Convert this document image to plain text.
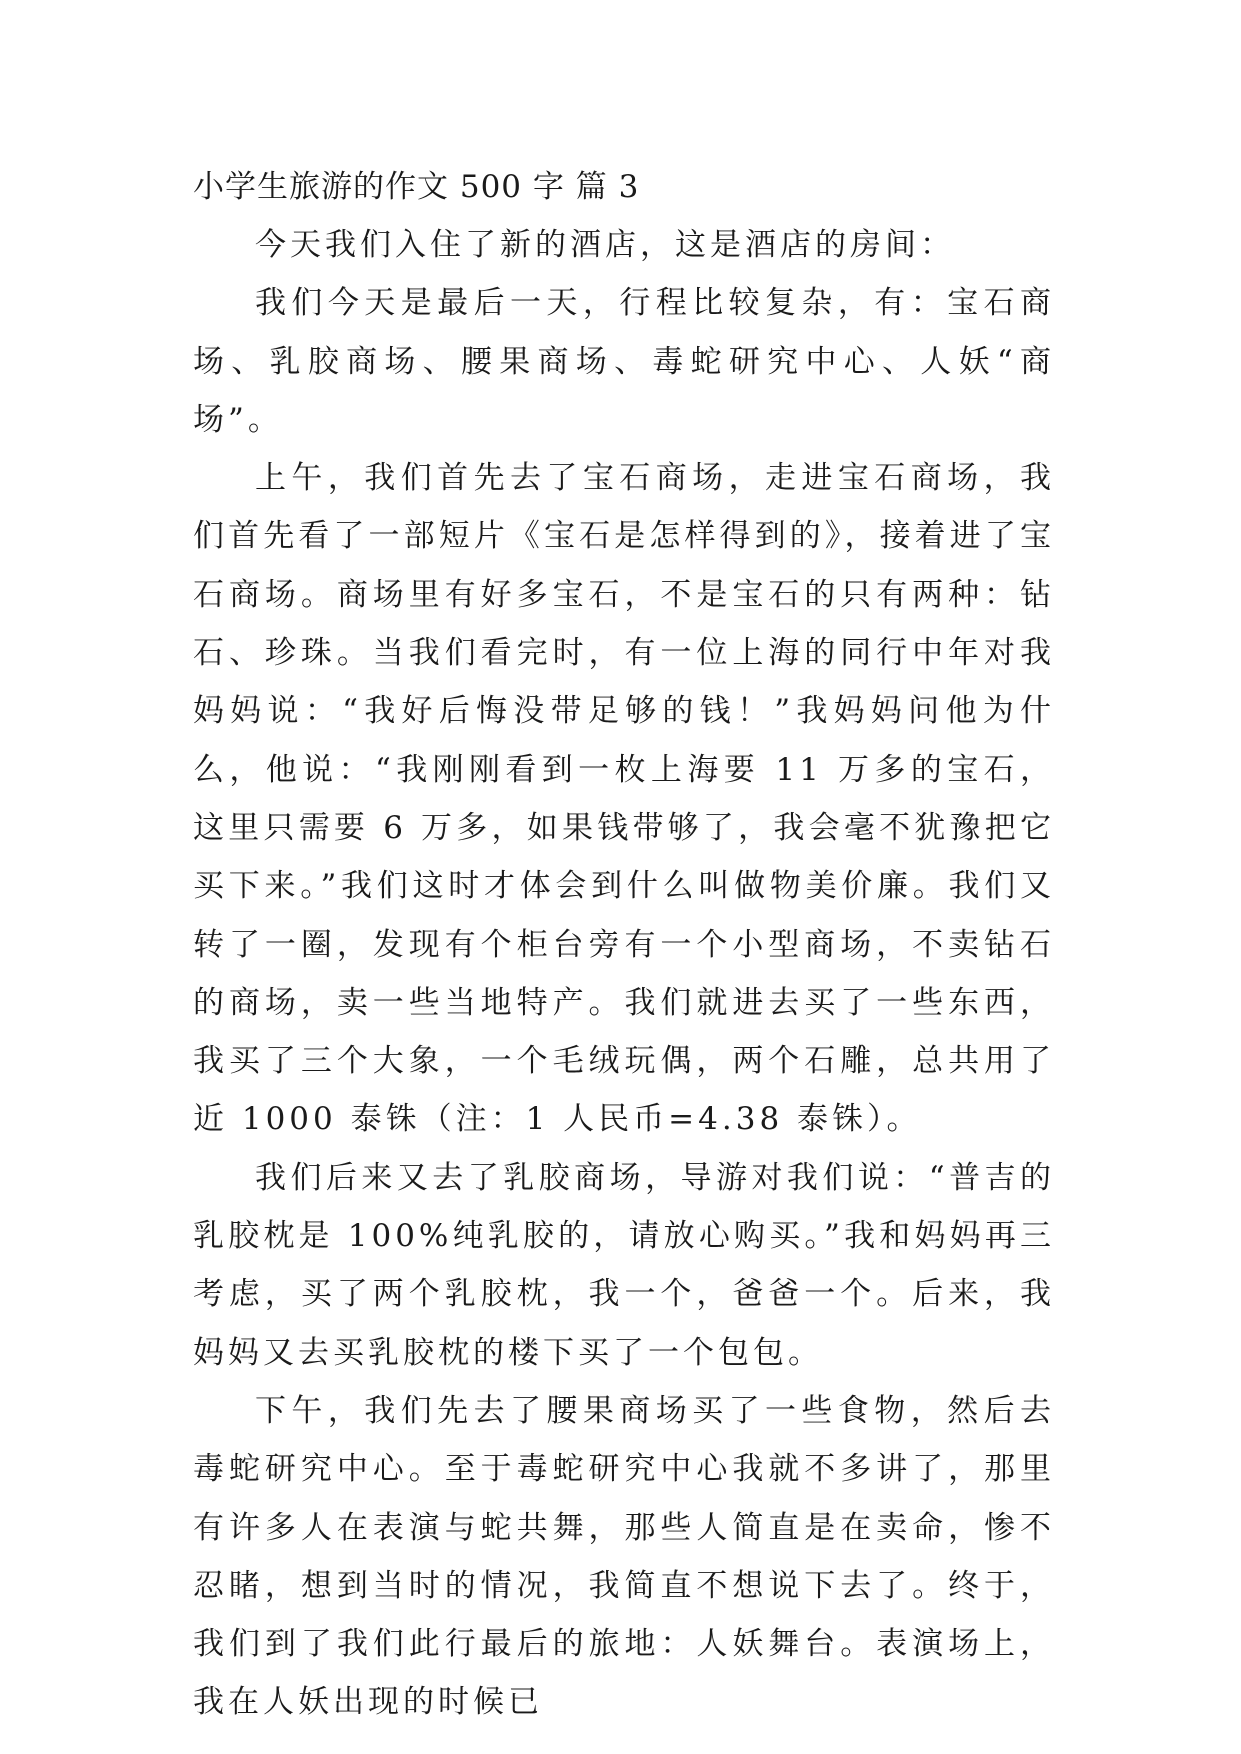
小学生旅游的作文 500 字 篇 3

今天我们入住了新的酒店，这是酒店的房间：

我们今天是最后一天，行程比较复杂，有：宝石商场、乳胶商场、腰果商场、毒蛇研究中心、人妖“商场”。

上午，我们首先去了宝石商场，走进宝石商场，我们首先看了一部短片《宝石是怎样得到的》，接着进了宝石商场。商场里有好多宝石，不是宝石的只有两种：钻石、珍珠。当我们看完时，有一位上海的同行中年对我妈妈说：“我好后悔没带足够的钱！”我妈妈问他为什么，他说：“我刚刚看到一枚上海要 11 万多的宝石，这里只需要 6 万多，如果钱带够了，我会毫不犹豫把它买下来。”我们这时才体会到什么叫做物美价廉。我们又转了一圈，发现有个柜台旁有一个小型商场，不卖钻石的商场，卖一些当地特产。我们就进去买了一些东西，我买了三个大象，一个毛绒玩偶，两个石雕，总共用了近 1000 泰铢（注：1 人民币=4.38 泰铢）。

我们后来又去了乳胶商场，导游对我们说：“普吉的乳胶枕是 100%纯乳胶的，请放心购买。”我和妈妈再三考虑，买了两个乳胶枕，我一个，爸爸一个。后来，我妈妈又去买乳胶枕的楼下买了一个包包。

下午，我们先去了腰果商场买了一些食物，然后去毒蛇研究中心。至于毒蛇研究中心我就不多讲了，那里有许多人在表演与蛇共舞，那些人简直是在卖命，惨不忍睹，想到当时的情况，我简直不想说下去了。终于，我们到了我们此行最后的旅地：人妖舞台。表演场上，我在人妖出现的时候已
